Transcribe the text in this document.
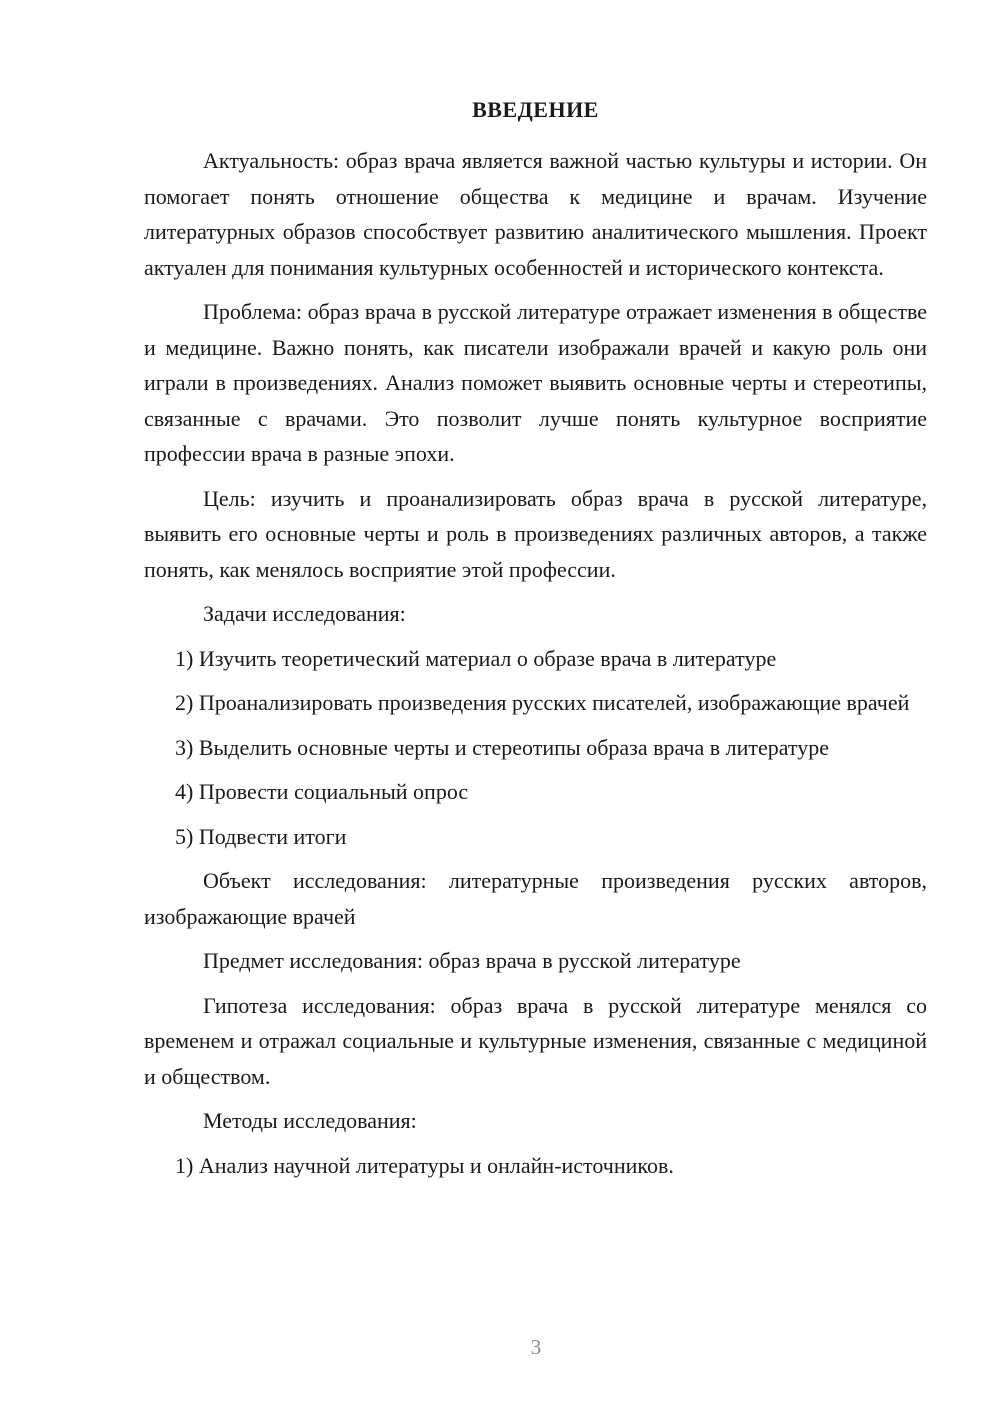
ВВЕДЕНИЕ

Актуальность: образ врача является важной частью культуры и истории. Он помогает понять отношение общества к медицине и врачам. Изучение литературных образов способствует развитию аналитического мышления. Проект актуален для понимания культурных особенностей и исторического контекста.

Проблема: образ врача в русской литературе отражает изменения в обществе и медицине. Важно понять, как писатели изображали врачей и какую роль они играли в произведениях. Анализ поможет выявить основные черты и стереотипы, связанные с врачами. Это позволит лучше понять культурное восприятие профессии врача в разные эпохи.

Цель: изучить и проанализировать образ врача в русской литературе, выявить его основные черты и роль в произведениях различных авторов, а также понять, как менялось восприятие этой профессии.

Задачи исследования:

1) Изучить теоретический материал о образе врача в литературе

2) Проанализировать произведения русских писателей, изображающие врачей

3) Выделить основные черты и стереотипы образа врача в литературе

4) Провести социальный опрос

5) Подвести итоги

Объект исследования: литературные произведения русских авторов, изображающие врачей

Предмет исследования: образ врача в русской литературе

Гипотеза исследования: образ врача в русской литературе менялся со временем и отражал социальные и культурные изменения, связанные с медициной и обществом.

Методы исследования:

1) Анализ научной литературы и онлайн-источников.

3
